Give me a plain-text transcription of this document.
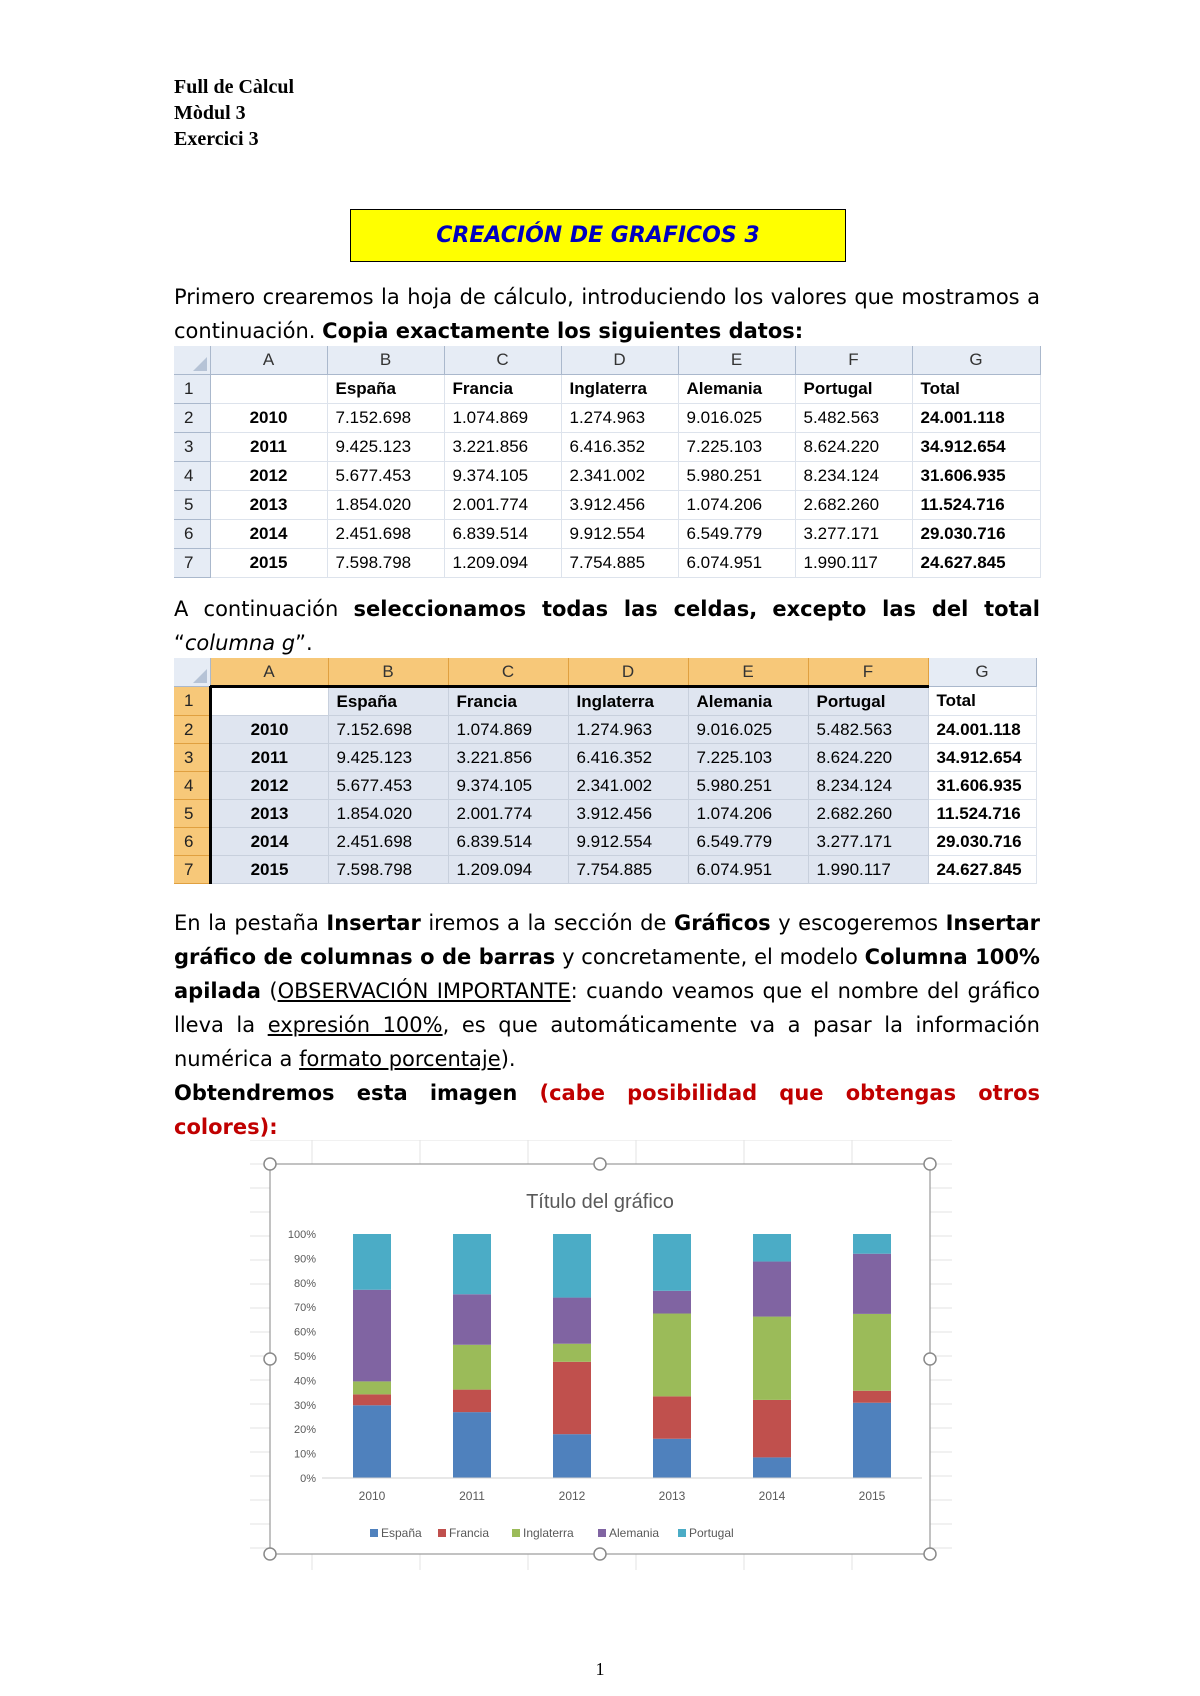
Full de Càlcul
Mòdul 3
Exercici 3
CREACIÓN DE GRAFICOS 3
Primero crearemos la hoja de cálculo, introduciendo los valores que mostramos a continuación. Copia exactamente los siguientes datos:
	A	B	C	D	E	F	G
1		España	Francia	Inglaterra	Alemania	Portugal	Total
2	2010	7.152.698	1.074.869	1.274.963	9.016.025	5.482.563	24.001.118
3	2011	9.425.123	3.221.856	6.416.352	7.225.103	8.624.220	34.912.654
4	2012	5.677.453	9.374.105	2.341.002	5.980.251	8.234.124	31.606.935
5	2013	1.854.020	2.001.774	3.912.456	1.074.206	2.682.260	11.524.716
6	2014	2.451.698	6.839.514	9.912.554	6.549.779	3.277.171	29.030.716
7	2015	7.598.798	1.209.094	7.754.885	6.074.951	1.990.117	24.627.845
A continuación seleccionamos todas las celdas, excepto las del total “columna g”.
	A	B	C	D	E	F	G
1		España	Francia	Inglaterra	Alemania	Portugal	Total
2	2010	7.152.698	1.074.869	1.274.963	9.016.025	5.482.563	24.001.118
3	2011	9.425.123	3.221.856	6.416.352	7.225.103	8.624.220	34.912.654
4	2012	5.677.453	9.374.105	2.341.002	5.980.251	8.234.124	31.606.935
5	2013	1.854.020	2.001.774	3.912.456	1.074.206	2.682.260	11.524.716
6	2014	2.451.698	6.839.514	9.912.554	6.549.779	3.277.171	29.030.716
7	2015	7.598.798	1.209.094	7.754.885	6.074.951	1.990.117	24.627.845
En la pestaña Insertar iremos a la sección de Gráficos y escogeremos Insertar gráfico de columnas o de barras y concretamente, el modelo Columna 100% apilada (OBSERVACIÓN IMPORTANTE: cuando veamos que el nombre del gráfico lleva la expresión 100%, es que automáticamente va a pasar la información numérica a formato porcentaje).
Obtendremos esta imagen (cabe posibilidad que obtengas otros colores):
Título del gráfico
0%
10%
20%
30%
40%
50%
60%
70%
80%
90%
100%
2010	2011	2012	2013	2014	2015
España Francia	Inglaterra	Alemania Portugal
1
